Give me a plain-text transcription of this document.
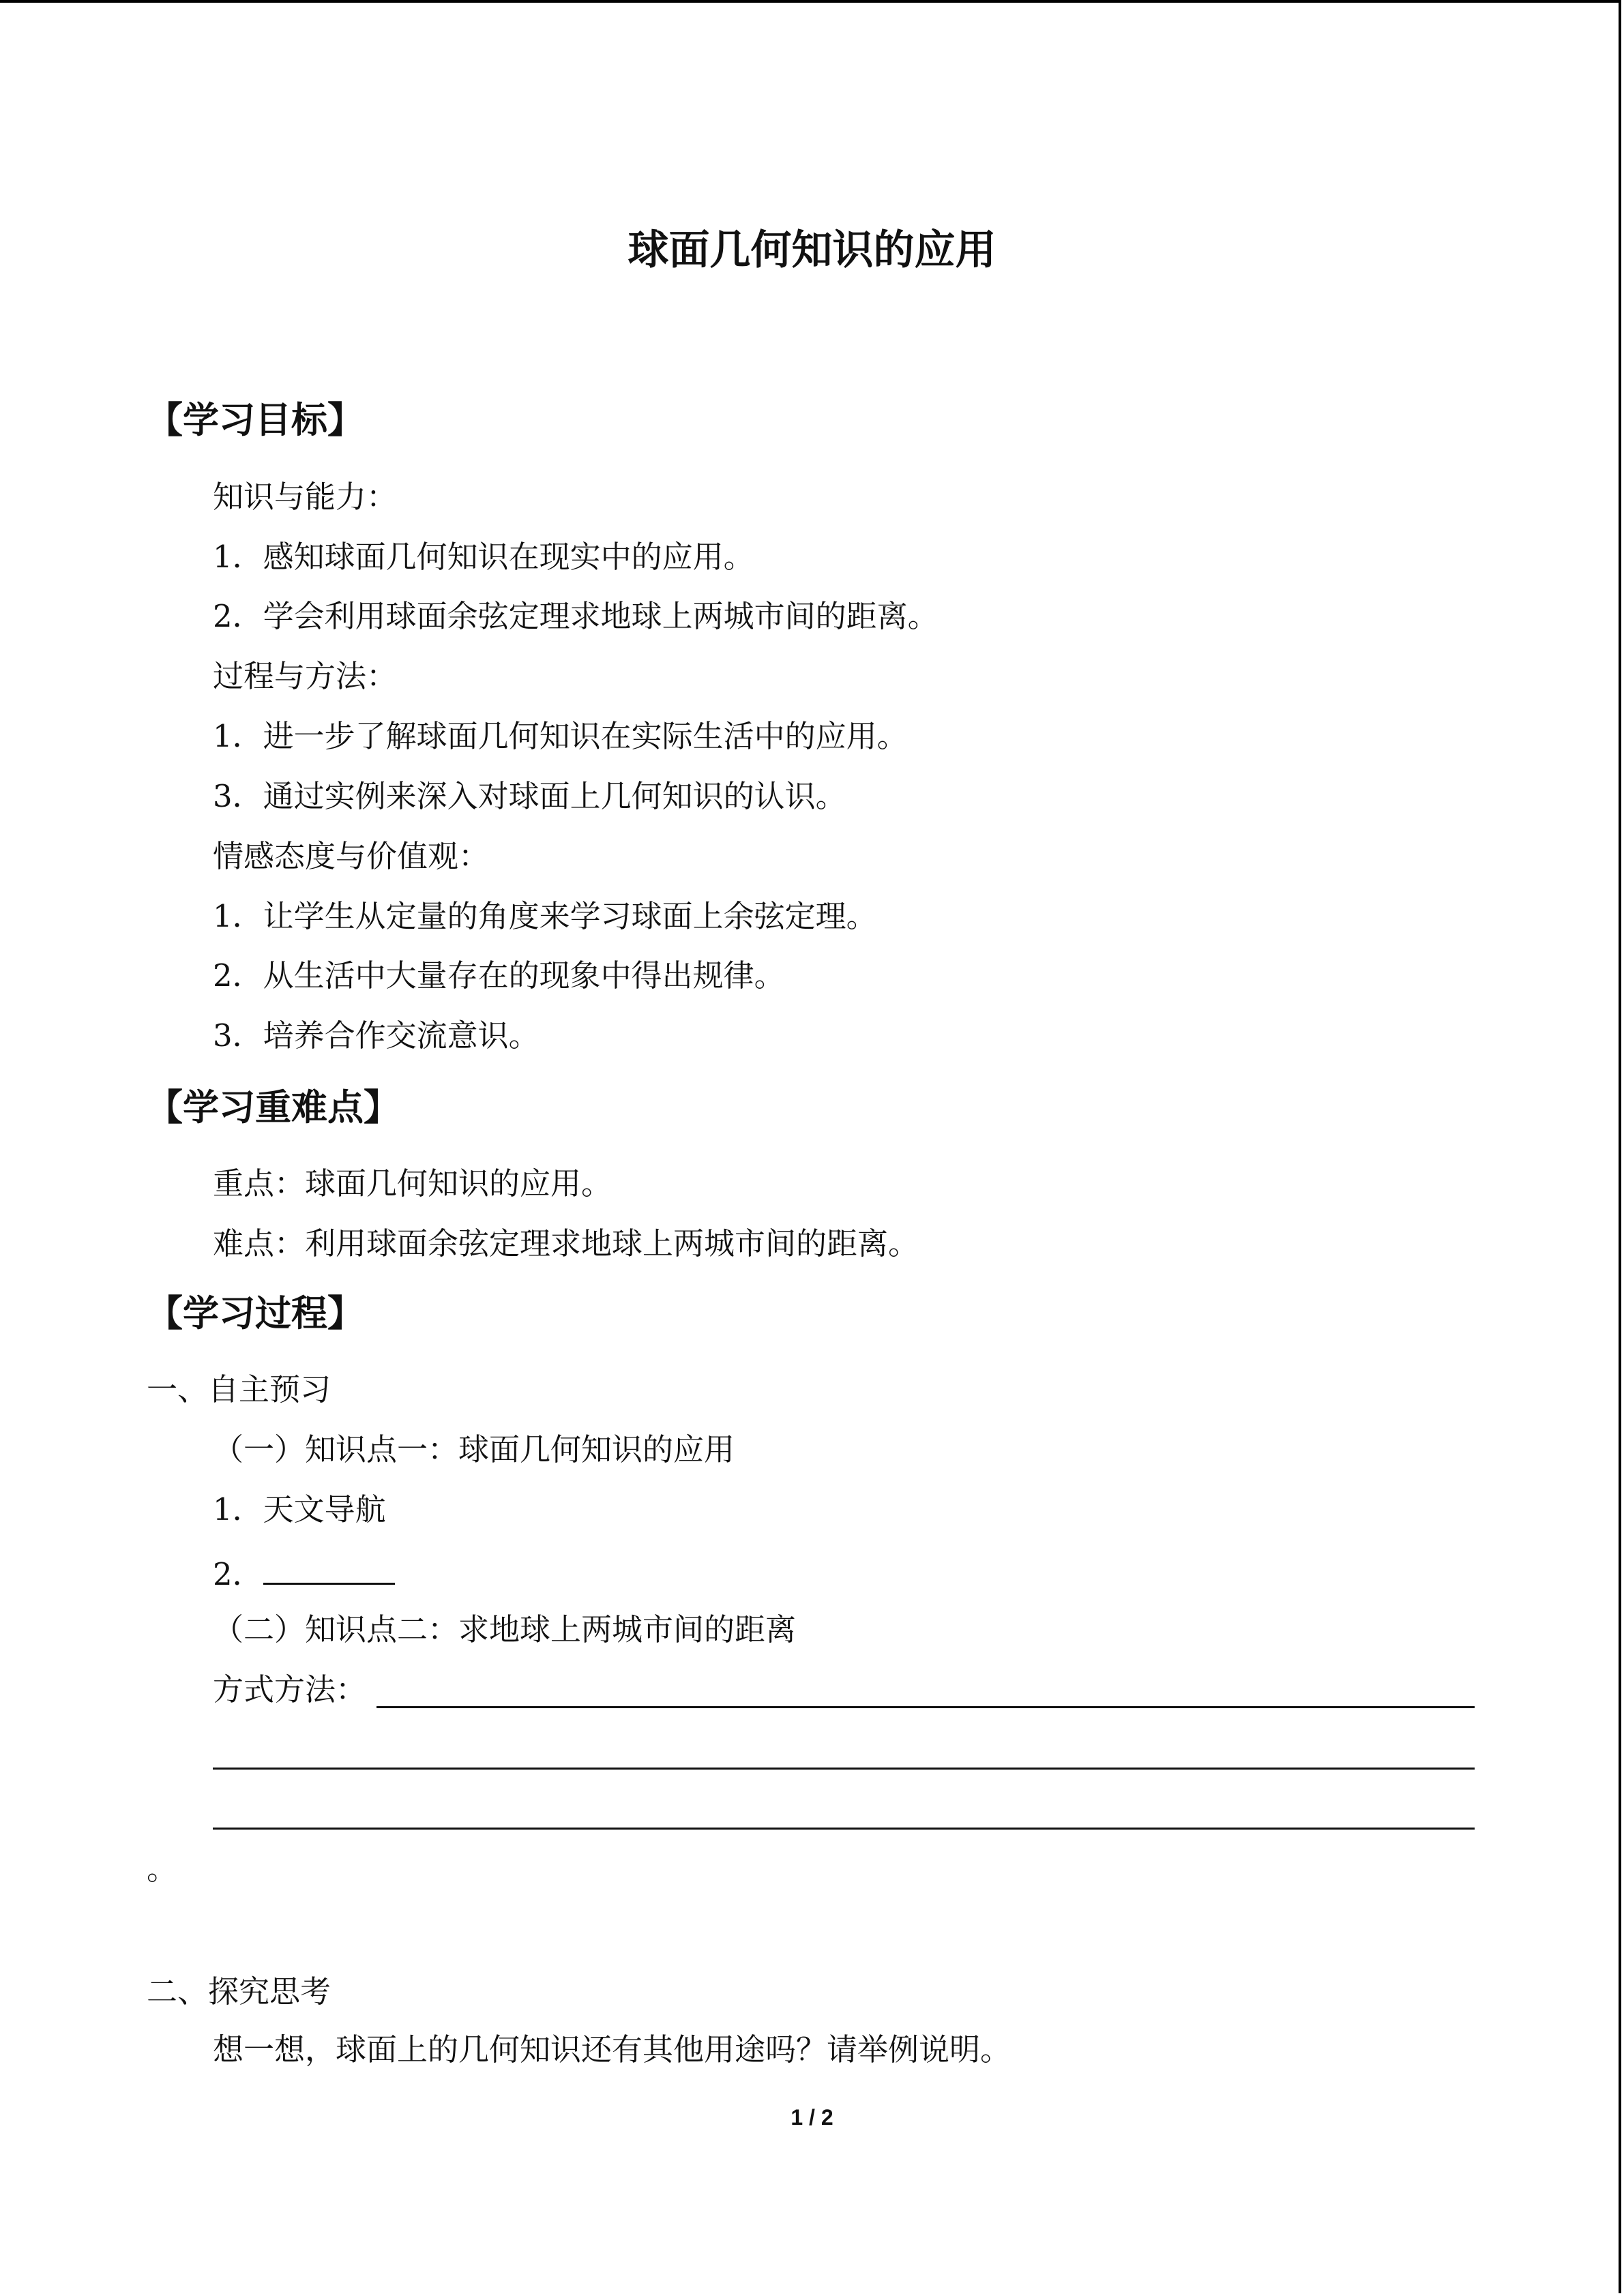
球面几何知识的应用
【学习目标】
知识与能力：
1．感知球面几何知识在现实中的应用。
2．学会利用球面余弦定理求地球上两城市间的距离。
过程与方法：
1．进一步了解球面几何知识在实际生活中的应用。
3．通过实例来深入对球面上几何知识的认识。
情感态度与价值观：
1．让学生从定量的角度来学习球面上余弦定理。
2．从生活中大量存在的现象中得出规律。
3．培养合作交流意识。
【学习重难点】
重点：球面几何知识的应用。
难点：利用球面余弦定理求地球上两城市间的距离。
【学习过程】
一、自主预习
（一）知识点一：球面几何知识的应用
1．天文导航
2．
（二）知识点二：求地球上两城市间的距离
方式方法：
。
二、探究思考
想一想，球面上的几何知识还有其他用途吗？请举例说明。
1 / 2
